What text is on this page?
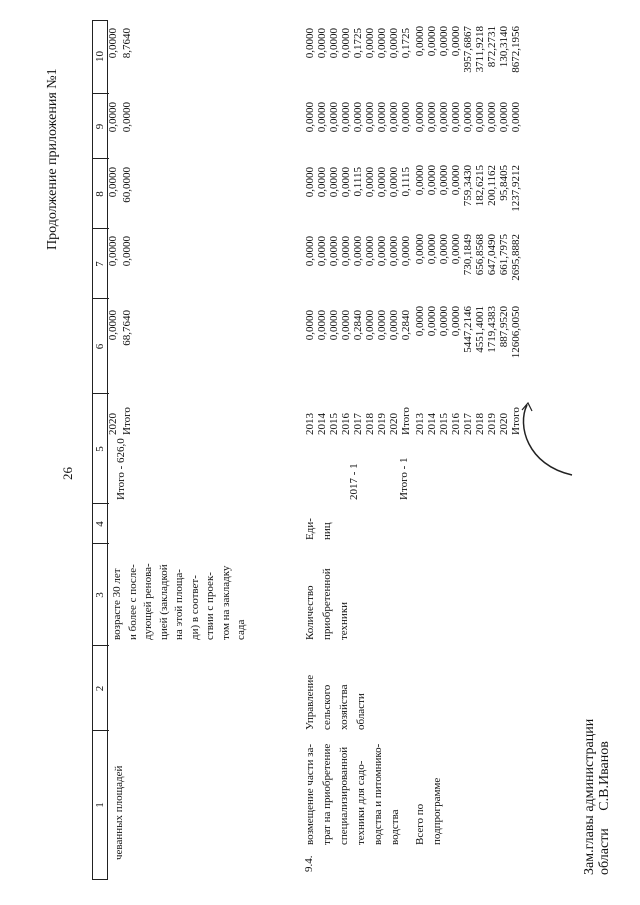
26
Продолжение приложения №1
1
2
3
4
5
6
7
8
9
10
чеванных площадей
возрасте 30 лет
и более с после-
дующей ренова-
цией (закладкой
на этой площа-
ди) в соответ-
ствии с проек-
том на закладку
сада
Итого - 626,0
2020
Итого
0,0000
68,7640
0,0000
0,0000
0,0000
60,0000
0,0000
0,0000
0,0000
8,7640
9.4.
возмещение части за-
трат на приобретение
специализированной
техники для садо-
водства и питомнико-
водства
Управление
сельского
хозяйства
области
Количество
приобретенной
техники
Еди-
ниц
2017 - 1	Итого - 1
2013
2014
2015
2016
2017
2018
2019
2020
Итого
0,0000
0,0000
0,0000
0,0000
0,2840
0,0000
0,0000
0,0000
0,2840
0,0000
0,0000
0,0000
0,0000
0,0000
0,0000
0,0000
0,0000
0,0000
0,0000
0,0000
0,0000
0,0000
0,1115
0,0000
0,0000
0,0000
0,1115
0,0000
0,0000
0,0000
0,0000
0,0000
0,0000
0,0000
0,0000
0,0000
0,0000
0,0000
0,0000
0,0000
0,1725
0,0000
0,0000
0,0000
0,1725
Всего по
подпрограмме
2013
2014
2015
2016
2017
2018
2019
2020
Итого
0,0000
0,0000
0,0000
0,0000
5447,2146
4551,4001
1719,4383
887,9520
12606,0050
0,0000
0,0000
0,0000
0,0000
730,1849
656,8568
647,0490
661,7975
2695,8882
0,0000
0,0000
0,0000
0,0000
759,3430
182,6215
200,1162
95,8405
1237,9212
0,0000
0,0000
0,0000
0,0000
0,0000
0,0000
0,0000
0,0000
0,0000
0,0000
0,0000
0,0000
0,0000
3957,6867
3711,9218
872,2731
130,3140
8672,1956
Зам.главы администрации
области     С.В.Иванов
